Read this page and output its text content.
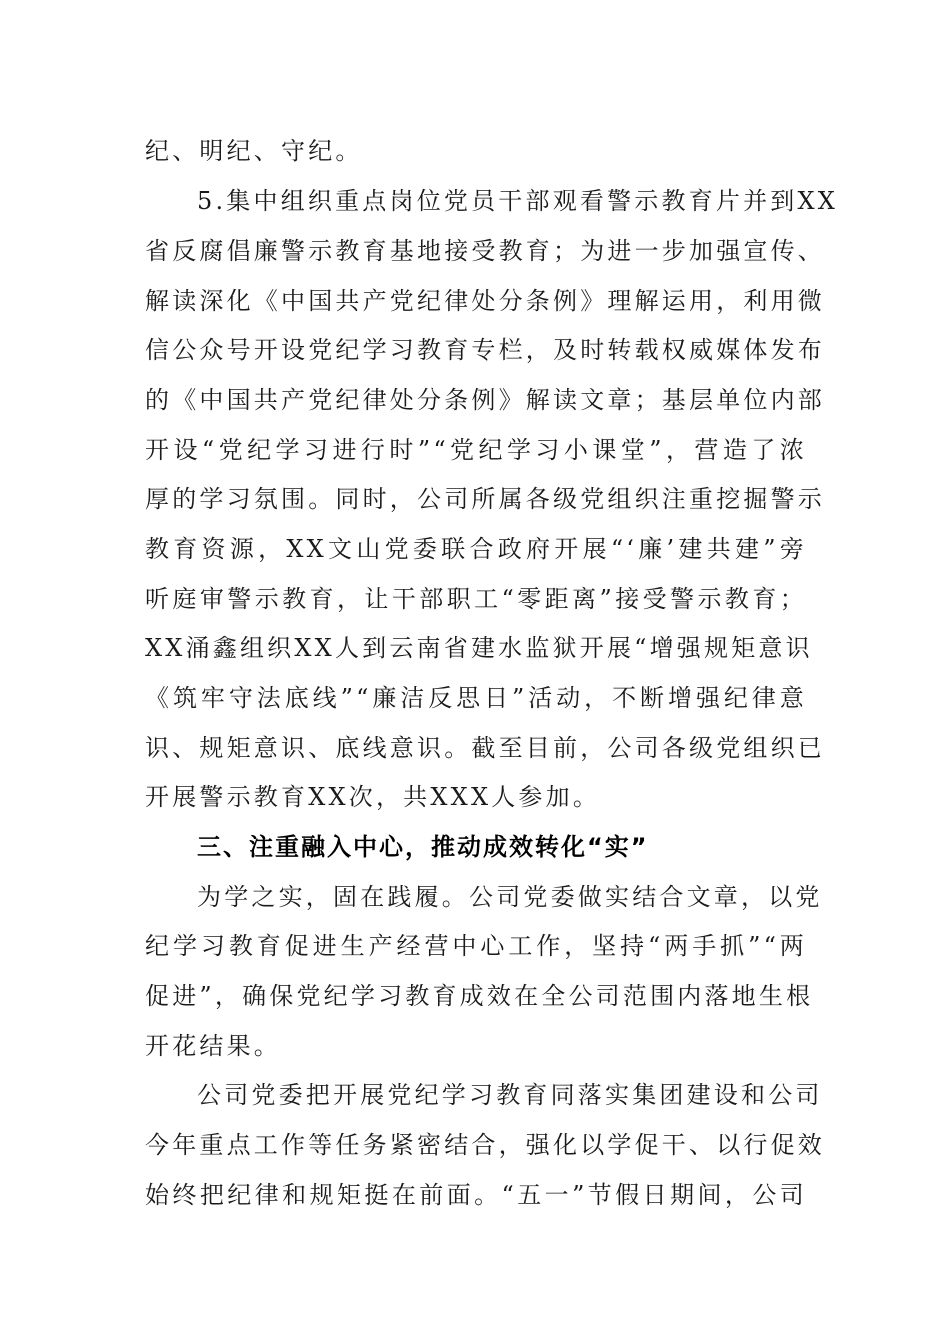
纪、明纪、守纪。
5.集中组织重点岗位党员干部观看警示教育片并到XX
省反腐倡廉警示教育基地接受教育；为进一步加强宣传、
解读深化《中国共产党纪律处分条例》理解运用，利用微
信公众号开设党纪学习教育专栏，及时转载权威媒体发布
的《中国共产党纪律处分条例》解读文章；基层单位内部
开设“党纪学习进行时”“党纪学习小课堂”，营造了浓
厚的学习氛围。同时，公司所属各级党组织注重挖掘警示
教育资源，XX文山党委联合政府开展“‘廉’建共建”旁
听庭审警示教育，让干部职工“零距离”接受警示教育；
XX涌鑫组织XX人到云南省建水监狱开展“增强规矩意识
《筑牢守法底线”“廉洁反思日”活动，不断增强纪律意
识、规矩意识、底线意识。截至目前，公司各级党组织已
开展警示教育XX次，共XXX人参加。
三、注重融入中心，推动成效转化“实”
为学之实，固在践履。公司党委做实结合文章，以党
纪学习教育促进生产经营中心工作，坚持“两手抓”“两
促进”，确保党纪学习教育成效在全公司范围内落地生根
开花结果。
公司党委把开展党纪学习教育同落实集团建设和公司
今年重点工作等任务紧密结合，强化以学促干、以行促效
始终把纪律和规矩挺在前面。“五一”节假日期间，公司
